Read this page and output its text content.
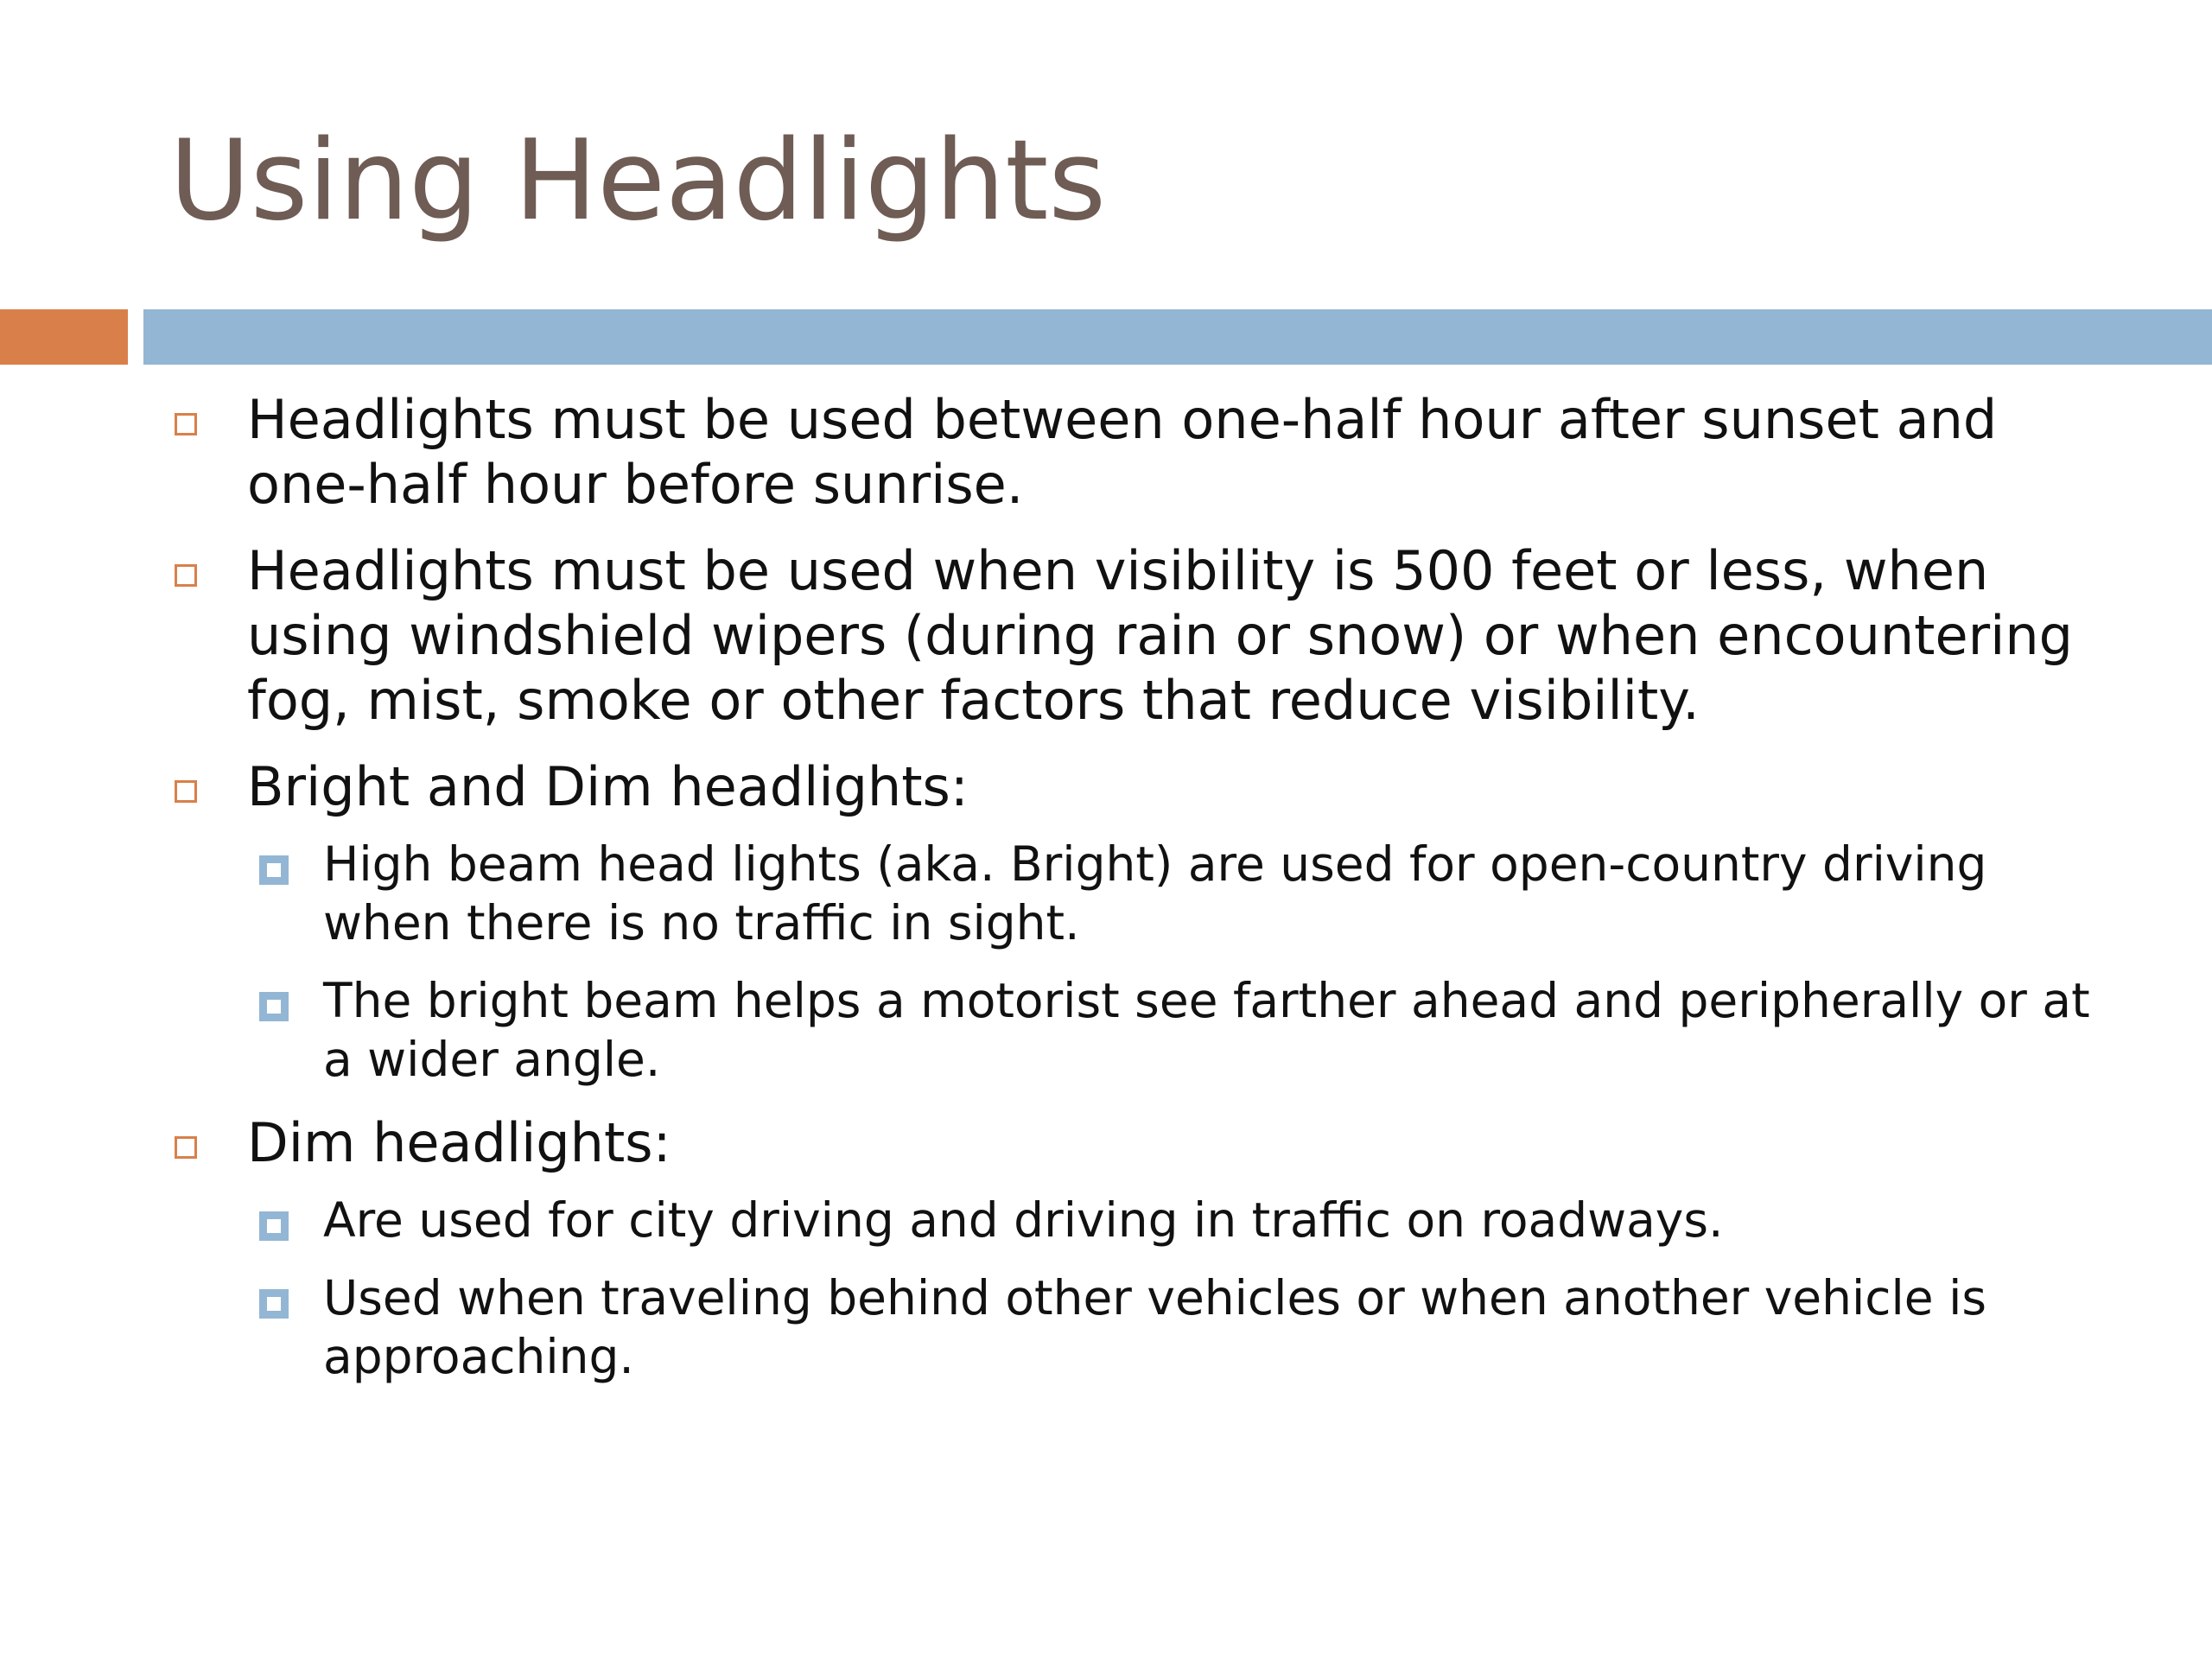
Using Headlights
Headlights must be used between one-half hour after sunset and one-half hour before sunrise.
Headlights must be used when visibility is 500 feet or less, when using windshield wipers (during rain or snow) or when encountering fog, mist, smoke or other factors that reduce visibility.
Bright and Dim headlights:
High beam head lights (aka. Bright) are used for open-country driving when there is no traffic in sight.
The bright beam helps a motorist see farther ahead and peripherally or at a wider angle.
Dim headlights:
Are used for city driving and driving in traffic on roadways.
Used when traveling behind other vehicles or when another vehicle is approaching.
